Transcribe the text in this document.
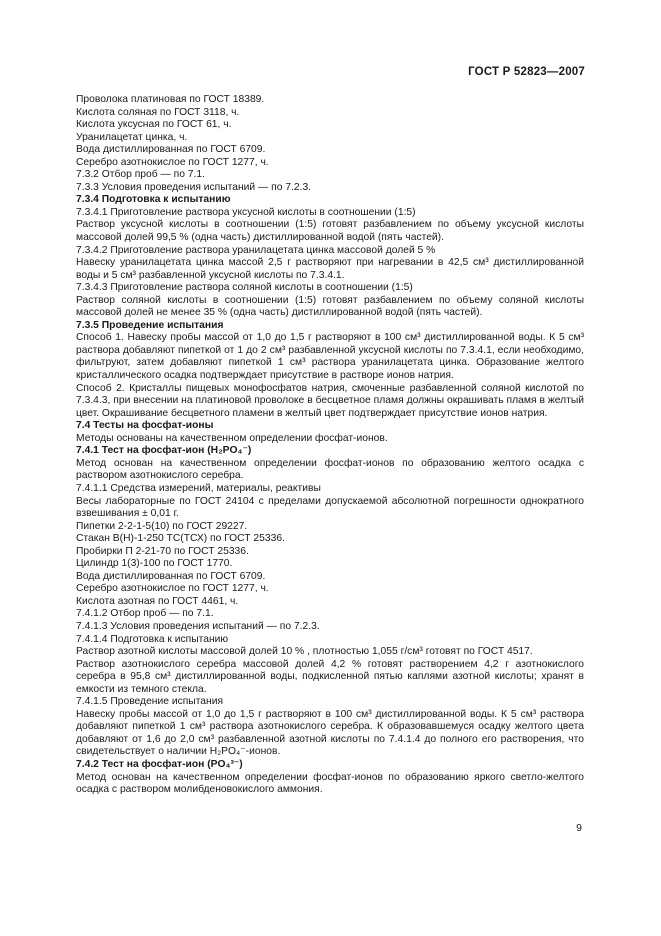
ГОСТ Р 52823—2007

Проволока платиновая по ГОСТ 18389.

Кислота соляная по ГОСТ 3118, ч.

Кислота уксусная по ГОСТ 61, ч.

Уранилацетат цинка, ч.

Вода дистиллированная по ГОСТ 6709.

Серебро азотнокислое по ГОСТ 1277, ч.

7.3.2 Отбор проб — по 7.1.

7.3.3 Условия проведения испытаний — по 7.2.3.

7.3.4 Подготовка к испытанию

7.3.4.1 Приготовление раствора уксусной кислоты в соотношении (1:5)

Раствор уксусной кислоты в соотношении (1:5) готовят разбавлением по объему уксусной кислоты массовой долей 99,5 % (одна часть) дистиллированной водой (пять частей).

7.3.4.2 Приготовление раствора уранилацетата цинка массовой долей 5 %

Навеску уранилацетата цинка массой 2,5 г растворяют при нагревании в 42,5 см³ дистиллированной воды и 5 см³ разбавленной уксусной кислоты по 7.3.4.1.

7.3.4.3 Приготовление раствора соляной кислоты в соотношении (1:5)

Раствор соляной кислоты в соотношении (1:5) готовят разбавлением по объему соляной кислоты массовой долей не менее 35 % (одна часть) дистиллированной водой (пять частей).

7.3.5 Проведение испытания

Способ 1. Навеску пробы массой от 1,0 до 1,5 г растворяют в 100 см³ дистиллированной воды. К 5 см³ раствора добавляют пипеткой от 1 до 2 см³ разбавленной уксусной кислоты по 7.3.4.1, если необходимо, фильтруют, затем добавляют пипеткой 1 см³ раствора уранилацетата цинка. Образование желтого кристаллического осадка подтверждает присутствие в растворе ионов натрия.

Способ 2. Кристаллы пищевых монофосфатов натрия, смоченные разбавленной соляной кислотой по 7.3.4.3, при внесении на платиновой проволоке в бесцветное пламя должны окрашивать пламя в желтый цвет. Окрашивание бесцветного пламени в желтый цвет подтверждает присутствие ионов натрия.

7.4 Тесты на фосфат-ионы

Методы основаны на качественном определении фосфат-ионов.

7.4.1 Тест на фосфат-ион (H₂PO₄⁻)

Метод основан на качественном определении фосфат-ионов по образованию желтого осадка с раствором азотнокислого серебра.

7.4.1.1 Средства измерений, материалы, реактивы

Весы лабораторные по ГОСТ 24104 с пределами допускаемой абсолютной погрешности однократного взвешивания ± 0,01 г.

Пипетки 2-2-1-5(10) по ГОСТ 29227.

Стакан В(Н)-1-250 ТС(ТСХ) по ГОСТ 25336.

Пробирки П 2-21-70 по ГОСТ 25336.

Цилиндр 1(3)-100 по ГОСТ 1770.

Вода дистиллированная по ГОСТ 6709.

Серебро азотнокислое по ГОСТ 1277, ч.

Кислота азотная по ГОСТ 4461, ч.

7.4.1.2 Отбор проб — по 7.1.

7.4.1.3 Условия проведения испытаний — по 7.2.3.

7.4.1.4 Подготовка к испытанию

Раствор азотной кислоты массовой долей 10 % , плотностью 1,055 г/см³ готовят по ГОСТ 4517.

Раствор азотнокислого серебра массовой долей 4,2 % готовят растворением 4,2 г азотнокислого серебра в 95,8 см³ дистиллированной воды, подкисленной пятью каплями азотной кислоты; хранят в емкости из темного стекла.

7.4.1.5 Проведение испытания

Навеску пробы массой от 1,0 до 1,5 г растворяют в 100 см³ дистиллированной воды. К 5 см³ раствора добавляют пипеткой 1 см³ раствора азотнокислого серебра. К образовавшемуся осадку желтого цвета добавляют от 1,6 до 2,0 см³ разбавленной азотной кислоты по 7.4.1.4 до полного его растворения, что свидетельствует о наличии H₂PO₄⁻-ионов.

7.4.2 Тест на фосфат-ион (PO₄³⁻)

Метод основан на качественном определении фосфат-ионов по образованию яркого светло-желтого осадка с раствором молибденовокислого аммония.

9
